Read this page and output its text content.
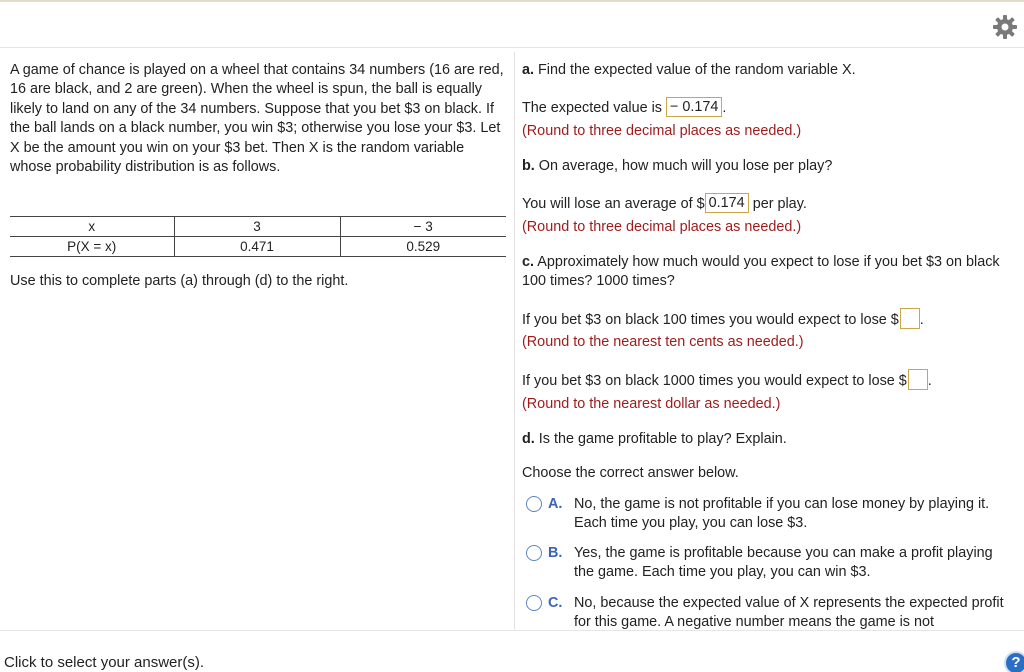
A game of chance is played on a wheel that contains 34 numbers (16 are red, 16 are black, and 2 are green). When the wheel is spun, the ball is equally likely to land on any of the 34 numbers. Suppose that you bet $3 on black. If the ball lands on a black number, you win $3; otherwise you lose your $3. Let X be the amount you win on your $3 bet. Then X is the random variable whose probability distribution is as follows.

x	3	− 3
P(X = x)	0.471	0.529

Use this to complete parts (a) through (d) to the right.

a. Find the expected value of the random variable X.
The expected value is − 0.174 .
(Round to three decimal places as needed.)
b. On average, how much will you lose per play?
You will lose an average of $ 0.174 per play.
(Round to three decimal places as needed.)
c. Approximately how much would you expect to lose if you bet $3 on black 100 times? 1000 times?
If you bet $3 on black 100 times you would expect to lose $ .
(Round to the nearest ten cents as needed.)
If you bet $3 on black 1000 times you would expect to lose $ .
(Round to the nearest dollar as needed.)
d. Is the game profitable to play? Explain.
Choose the correct answer below.
A. No, the game is not profitable if you can lose money by playing it. Each time you play, you can lose $3.
B. Yes, the game is profitable because you can make a profit playing the game. Each time you play, you can win $3.
C. No, because the expected value of X represents the expected profit for this game. A negative number means the game is not
Click to select your answer(s).	?
